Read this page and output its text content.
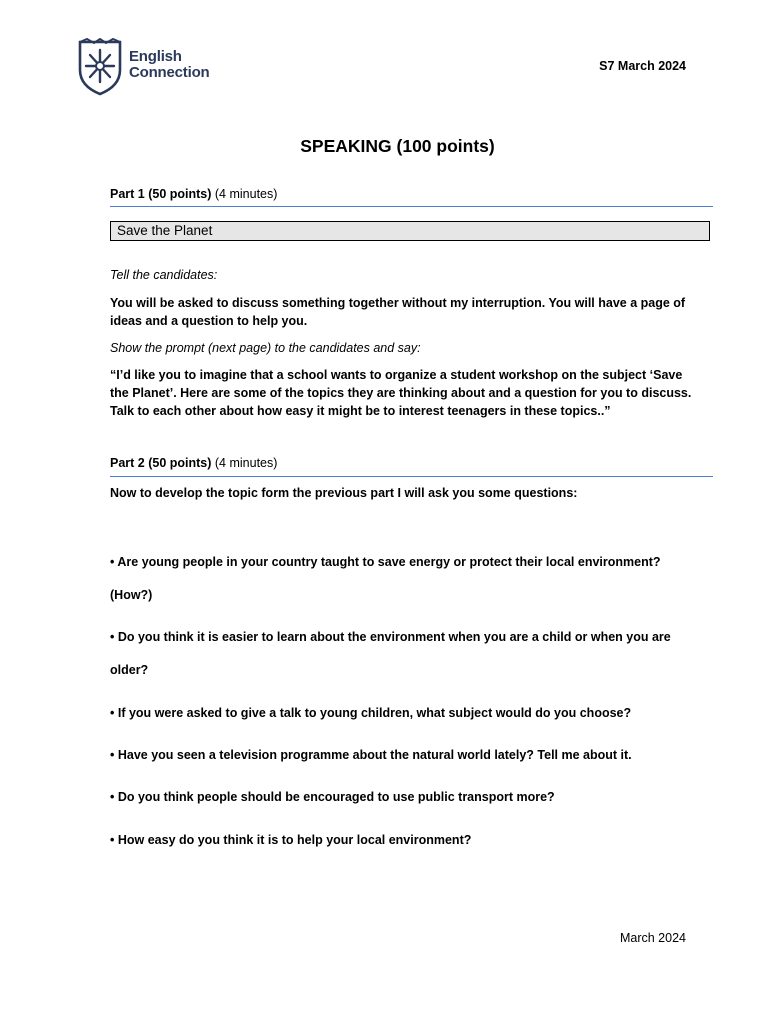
English
Connection	S7 March 2024
SPEAKING (100 points)
Part 1 (50 points) (4 minutes)
Save the Planet
Tell the candidates:
You will be asked to discuss something together without my interruption. You will have a page of ideas and a question to help you.
Show the prompt (next page) to the candidates and say:
“I’d like you to imagine that a school wants to organize a student workshop on the subject ‘Save the Planet’. Here are some of the topics they are thinking about and a question for you to discuss. Talk to each other about how easy it might be to interest teenagers in these topics..”
Part 2 (50 points) (4 minutes)
Now to develop the topic form the previous part I will ask you some questions:
• Are young people in your country taught to save energy or protect their local environment?
(How?)
• Do you think it is easier to learn about the environment when you are a child or when you are
older?
• If you were asked to give a talk to young children, what subject would do you choose?
• Have you seen a television programme about the natural world lately? Tell me about it.
• Do you think people should be encouraged to use public transport more?
• How easy do you think it is to help your local environment?
March 2024
